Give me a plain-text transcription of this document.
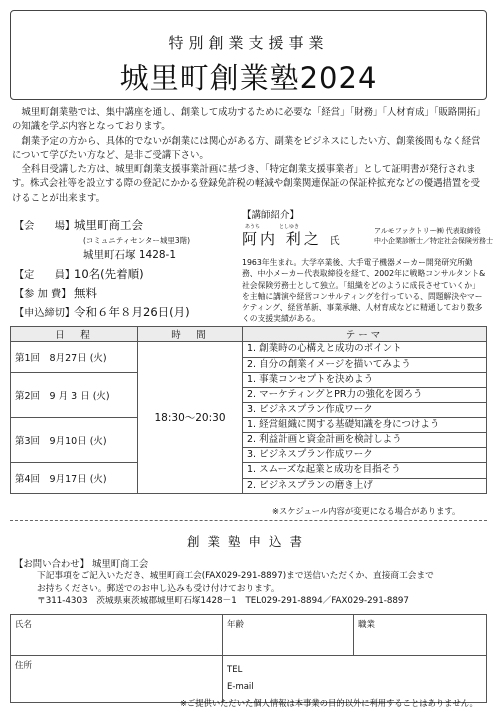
特別創業支援事業
城里町創業塾2024

城里町創業塾では、集中講座を通し、創業して成功するために必要な「経営」「財務」「人材育成」「販路開拓」の知識を学ぶ内容となっております。

創業予定の方から、具体的でないが創業には関心がある方、副業をビジネスにしたい方、創業後間もなく経営について学びたい方など、是非ご受講下さい。

全科目受講した方は、城里町創業支援事業計画に基づき、「特定創業支援事業者」として証明書が発行されます。株式会社等を設立する際の登記にかかる登録免許税の軽減や創業関連保証の保証枠拡充などの優遇措置を受けることが出来ます。

【会　　場】城里町商工会
(コミュニティセンター城里3階)
城里町石塚 1428-1
【定　　員】10名(先着順)
【参 加 費】 無料
【申込締切】令和６年８月26日(月)
【講師紹介】
あうち	としゆき
阿内 利之 氏
アルモファクトリー㈱ 代表取締役
中小企業診断士／特定社会保険労務士
1963年生まれ。大学卒業後、大手電子機器メーカー開発研究所勤務、中小メーカー代表取締役を経て、2002年に戦略コンサルタント&社会保険労務士として独立。「組織をどのように成長させていくか」を主軸に講演や経営コンサルティングを行っている、問題解決やマーケティング、経営革新、事業承継、人材育成などに精通しており数多くの支援実績がある。
日　程	時　間	テーマ
第1回　8月27日 (火)	18:30～20:30	1. 創業時の心構えと成功のポイント
		2. 自分の創業イメージを描いてみよう
第2回　9 月 3 日 (火)		1. 事業コンセプトを決めよう
		2. マーケティングとPR力の強化を図ろう
		3. ビジネスプラン作成ワーク
第3回　9月10日 (火)		1. 経営組織に関する基礎知識を身につけよう
		2. 利益計画と資金計画を検討しよう
		3. ビジネスプラン作成ワーク
第4回　9月17日 (火)		1. スムーズな起業と成功を目指そう
		2. ビジネスプランの磨き上げ
※スケジュール内容が変更になる場合があります。
創業塾申込書
【お問い合わせ】 城里町商工会
下記事項をご記入いただき、城里町商工会(FAX029-291-8897)まで送信いただくか、直接商工会まで
お持ちください。郵送でのお申し込みも受け付けております。
〒311-4303　茨城県東茨城郡城里町石塚1428－1　TEL029-291-8894／FAX029-291-8897
氏名	年齢	職業
住所	TEL
E-mail	
※ご提供いただいた個人情報は本事業の目的以外に利用することはありません。
